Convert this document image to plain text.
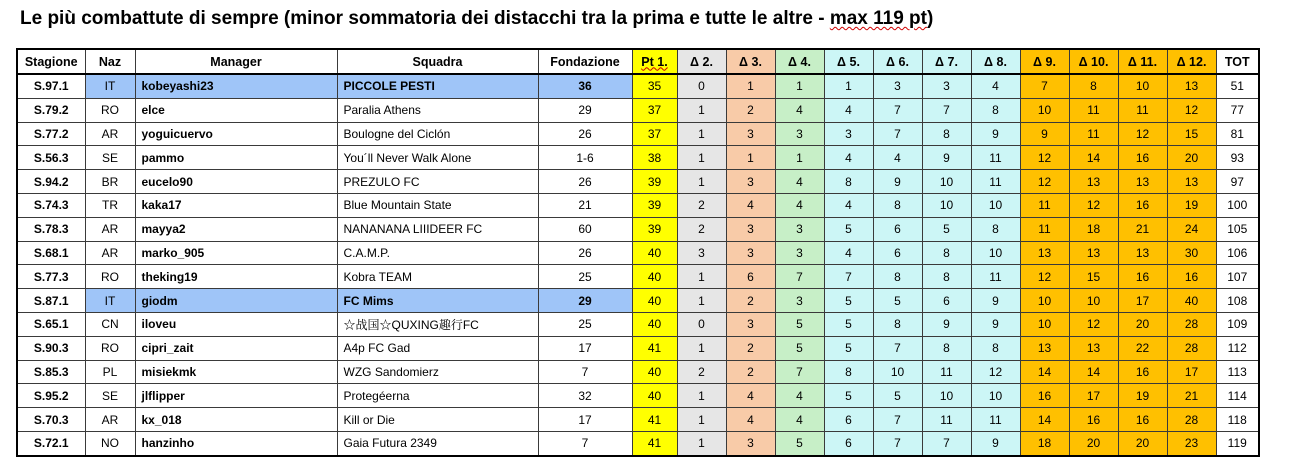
Le più combattute di sempre (minor sommatoria dei distacchi tra la prima e tutte le altre - max 119 pt)
Stagione	Naz	Manager	Squadra	Fondazione	Pt 1.	Δ 2.	Δ 3.	Δ 4.	Δ 5.	Δ 6.	Δ 7.	Δ 8.	Δ 9.	Δ 10.	Δ 11.	Δ 12.	TOT
S.97.1	IT	kobeyashi23	PICCOLE PESTI	36	35	0	1	1	1	3	3	4	7	8	10	13	51
S.79.2	RO	elce	Paralia Athens	29	37	1	2	4	4	7	7	8	10	11	11	12	77
S.77.2	AR	yoguicuervo	Boulogne del Ciclón	26	37	1	3	3	3	7	8	9	9	11	12	15	81
S.56.3	SE	pammo	You´ll Never Walk Alone	1-6	38	1	1	1	4	4	9	11	12	14	16	20	93
S.94.2	BR	eucelo90	PREZULO FC	26	39	1	3	4	8	9	10	11	12	13	13	13	97
S.74.3	TR	kaka17	Blue Mountain State	21	39	2	4	4	4	8	10	10	11	12	16	19	100
S.78.3	AR	mayya2	NANANANA LIIIDEER FC	60	39	2	3	3	5	6	5	8	11	18	21	24	105
S.68.1	AR	marko_905	C.A.M.P.	26	40	3	3	3	4	6	8	10	13	13	13	30	106
S.77.3	RO	theking19	Kobra TEAM	25	40	1	6	7	7	8	8	11	12	15	16	16	107
S.87.1	IT	giodm	FC Mims	29	40	1	2	3	5	5	6	9	10	10	17	40	108
S.65.1	CN	iloveu	☆战国☆QUXING趣行FC	25	40	0	3	5	5	8	9	9	10	12	20	28	109
S.90.3	RO	cipri_zait	A4p FC Gad	17	41	1	2	5	5	7	8	8	13	13	22	28	112
S.85.3	PL	misiekmk	WZG Sandomierz	7	40	2	2	7	8	10	11	12	14	14	16	17	113
S.95.2	SE	jlflipper	Protegéerna	32	40	1	4	4	5	5	10	10	16	17	19	21	114
S.70.3	AR	kx_018	Kill or Die	17	41	1	4	4	6	7	11	11	14	16	16	28	118
S.72.1	NO	hanzinho	Gaia Futura 2349	7	41	1	3	5	6	7	7	9	18	20	20	23	119
